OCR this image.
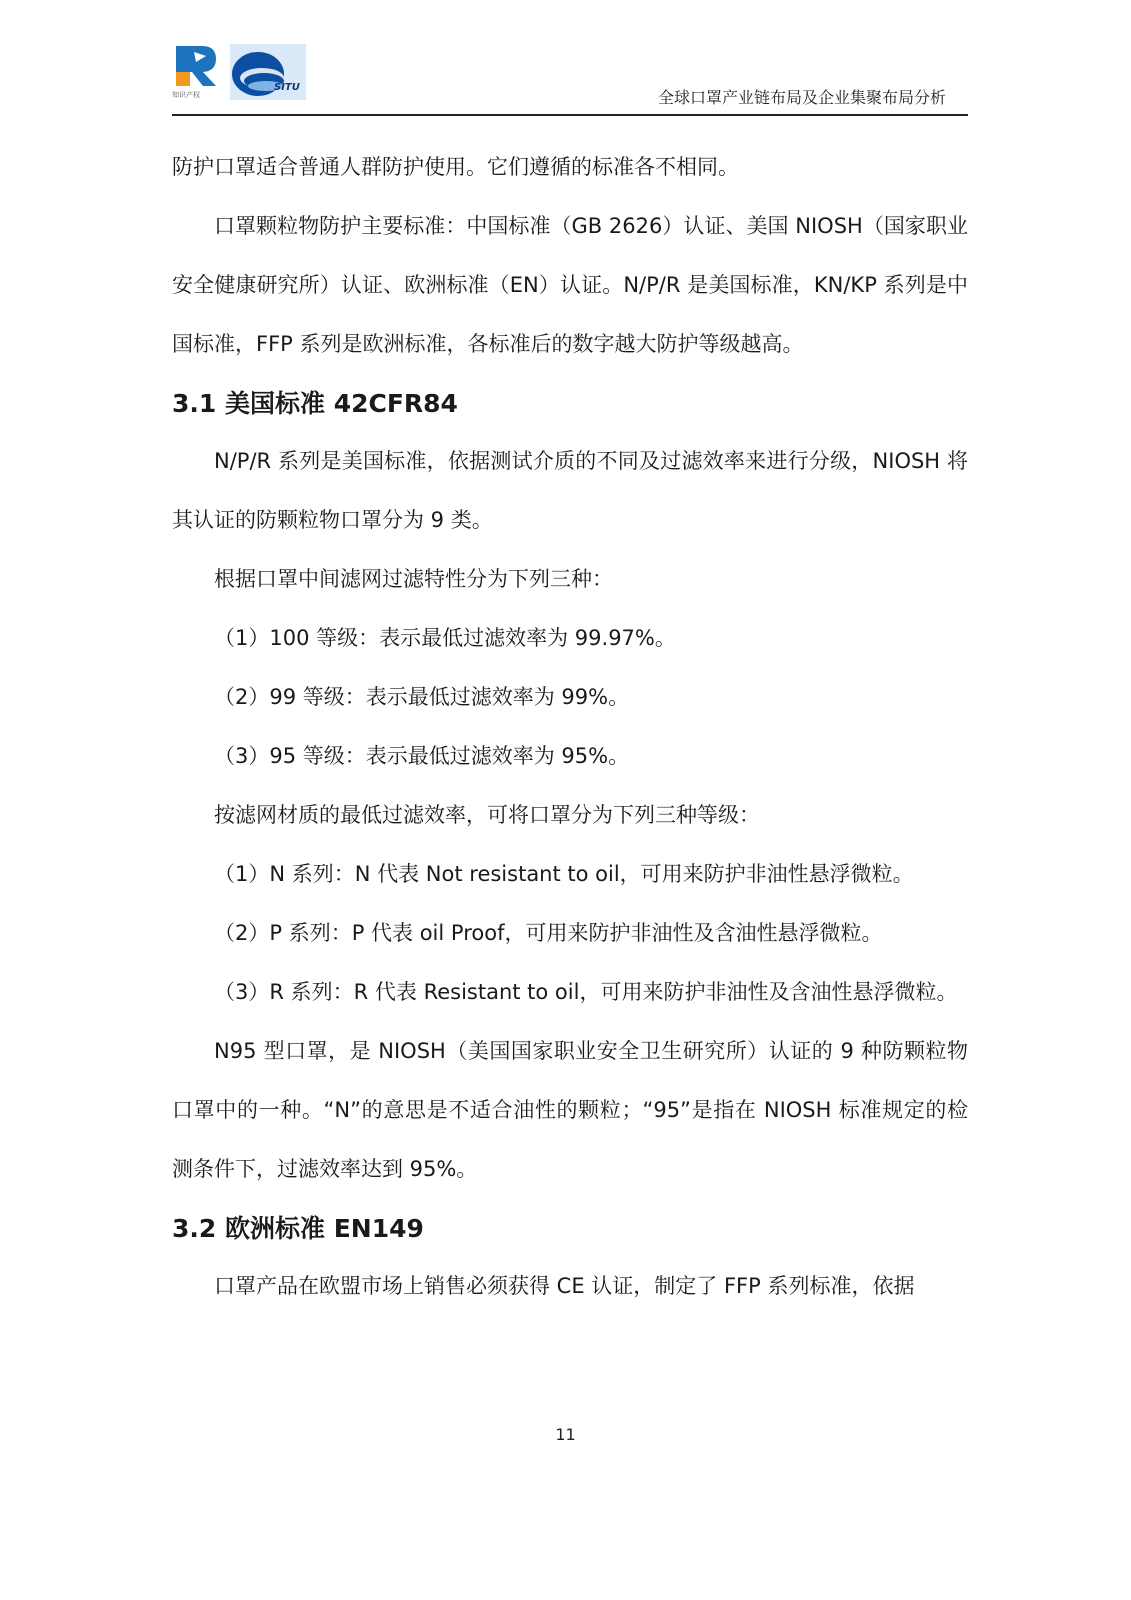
知识产权
SITU
全球口罩产业链布局及企业集聚布局分析

防护口罩适合普通人群防护使用。它们遵循的标准各不相同。

口罩颗粒物防护主要标准：中国标准（GB 2626）认证、美国 NIOSH（国家职业安全健康研究所）认证、欧洲标准（EN）认证。N/P/R 是美国标准，KN/KP 系列是中国标准，FFP 系列是欧洲标准，各标准后的数字越大防护等级越高。

3.1 美国标准 42CFR84

N/P/R 系列是美国标准，依据测试介质的不同及过滤效率来进行分级，NIOSH 将其认证的防颗粒物口罩分为 9 类。

根据口罩中间滤网过滤特性分为下列三种：

（1）100 等级：表示最低过滤效率为 99.97%。

（2）99 等级：表示最低过滤效率为 99%。

（3）95 等级：表示最低过滤效率为 95%。

按滤网材质的最低过滤效率，可将口罩分为下列三种等级：

（1）N 系列：N 代表 Not resistant to oil，可用来防护非油性悬浮微粒。

（2）P 系列：P 代表 oil Proof，可用来防护非油性及含油性悬浮微粒。

（3）R 系列：R 代表 Resistant to oil，可用来防护非油性及含油性悬浮微粒。

N95 型口罩，是 NIOSH（美国国家职业安全卫生研究所）认证的 9 种防颗粒物口罩中的一种。“N”的意思是不适合油性的颗粒；“95”是指在 NIOSH 标准规定的检测条件下，过滤效率达到 95%。

3.2 欧洲标准 EN149

口罩产品在欧盟市场上销售必须获得 CE 认证，制定了 FFP 系列标准，依据

11
